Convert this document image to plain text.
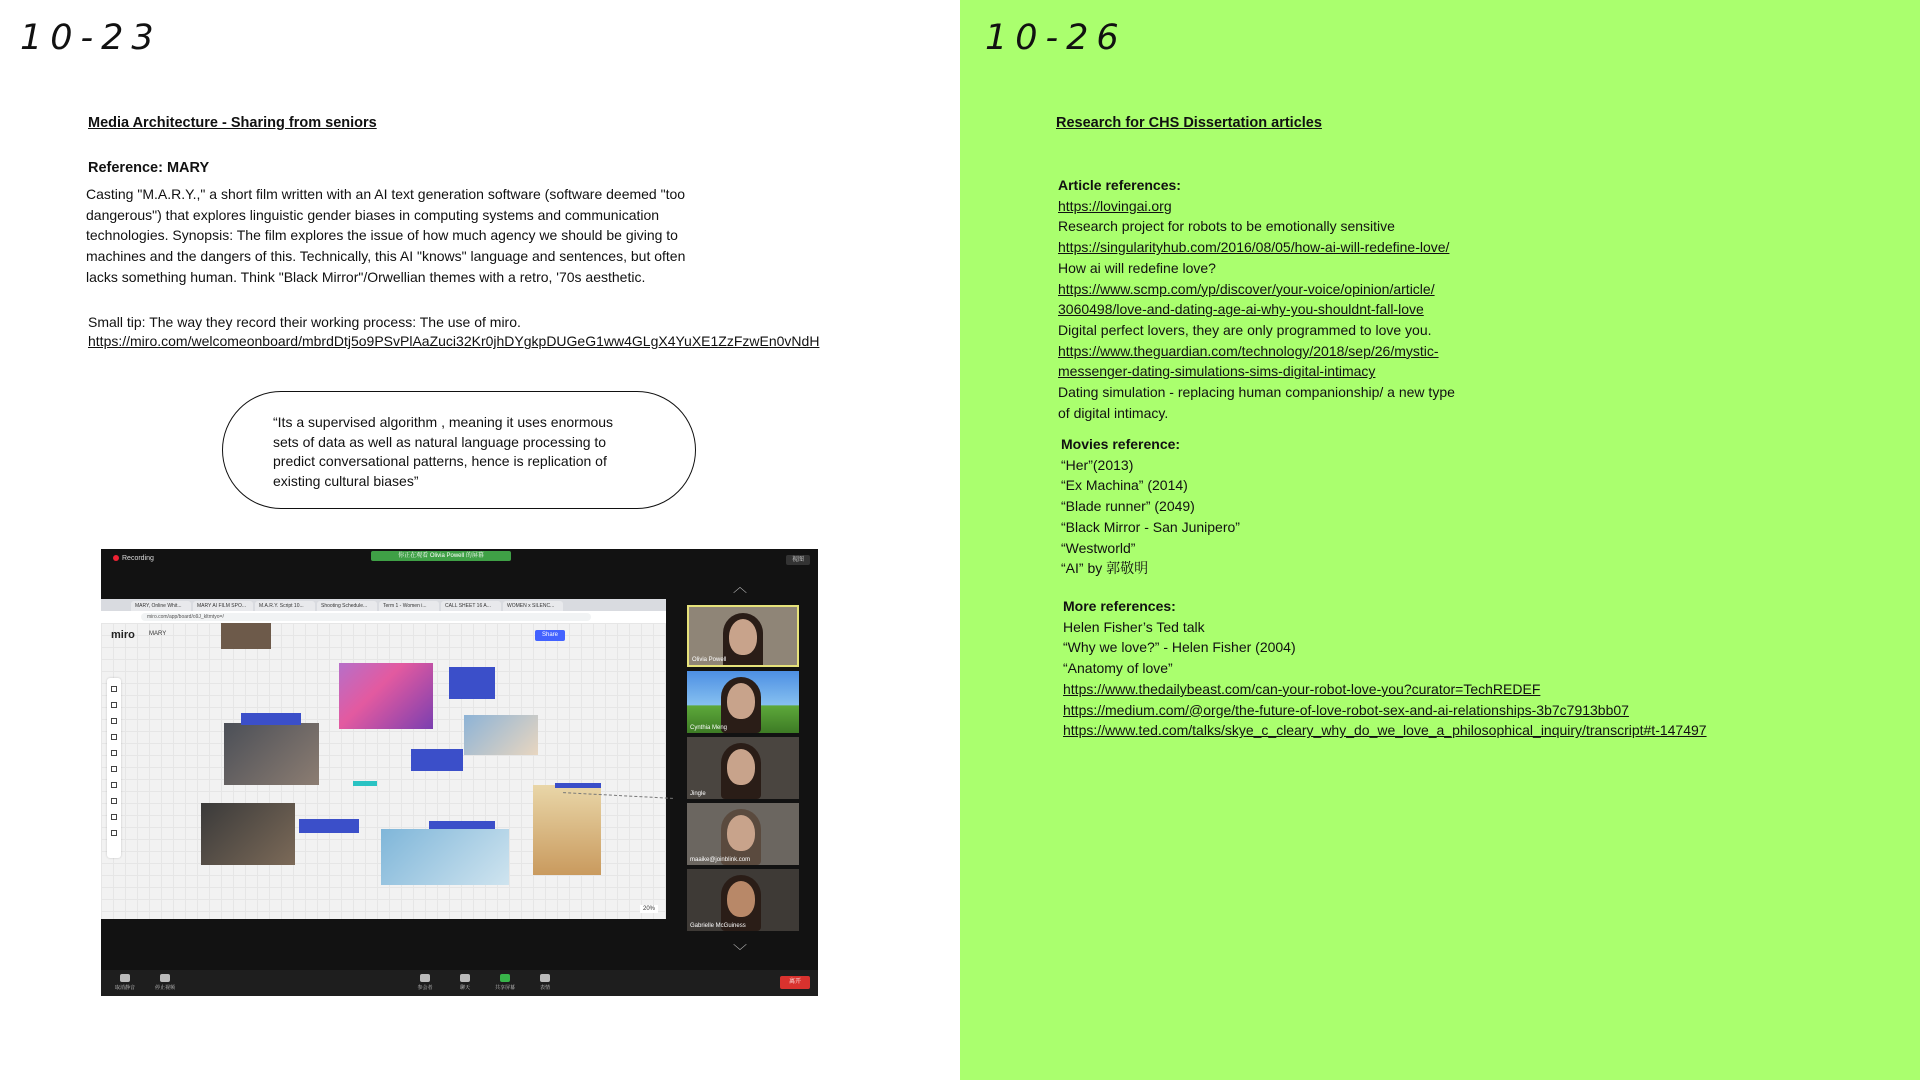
10-23
Media Architecture - Sharing from seniors
Reference: MARY
Casting "M.A.R.Y.," a short film written with an AI text generation software (software deemed "too
dangerous") that explores linguistic gender biases in computing systems and communication
technologies. Synopsis: The film explores the issue of how much agency we should be giving to
machines and the dangers of this. Technically, this AI "knows" language and sentences, but often
lacks something human. Think "Black Mirror"/Orwellian themes with a retro, '70s aesthetic.
Small tip: The way they record their working process: The use of miro.
https://miro.com/welcomeonboard/mbrdDtj5o9PSvPlAaZuci32Kr0jhDYgkpDUGeG1ww4GLgX4YuXE1ZzFzwEn0vNdH
“Its a supervised algorithm , meaning it uses enormous
sets of data as well as natural language processing to
predict conversational patterns, hence is replication of
existing cultural biases”
Recording	你正在观看 Olivia Powell 的屏幕
视图
MARY, Online Whit...	MARY AI FILM SPO...	M.A.R.Y. Script 10...	Shooting Schedule...	Term 1 - Women i...	CALL SHEET 16 A...	WOMEN x SILENC...
miro.com/app/board/o9J_kltmtyo=/
miro MARY	Share
20%
︿
Olivia Powell
Cynthia Meng
Jingle
maaike@joinblink.com
Gabrielle McGuiness
﹀
取消静音	停止视频	参会者	聊天	共享屏幕	表情
离开
10-26
Research for CHS Dissertation articles
Article references:
https://lovingai.org
Research project for robots to be emotionally sensitive
https://singularityhub.com/2016/08/05/how-ai-will-redefine-love/
How ai will redefine love?
https://www.scmp.com/yp/discover/your-voice/opinion/article/
3060498/love-and-dating-age-ai-why-you-shouldnt-fall-love
Digital perfect lovers, they are only programmed to love you.
https://www.theguardian.com/technology/2018/sep/26/mystic-
messenger-dating-simulations-sims-digital-intimacy
Dating simulation - replacing human companionship/ a new type
of digital intimacy.
Movies reference:
“Her”(2013)
“Ex Machina” (2014)
“Blade runner” (2049)
“Black Mirror - San Junipero”
“Westworld”
“AI” by 郭敬明
More references:
Helen Fisher’s Ted talk
“Why we love?” - Helen Fisher (2004)
“Anatomy of love”
https://www.thedailybeast.com/can-your-robot-love-you?curator=TechREDEF
https://medium.com/@orge/the-future-of-love-robot-sex-and-ai-relationships-3b7c7913bb07
https://www.ted.com/talks/skye_c_cleary_why_do_we_love_a_philosophical_inquiry/transcript#t-147497
